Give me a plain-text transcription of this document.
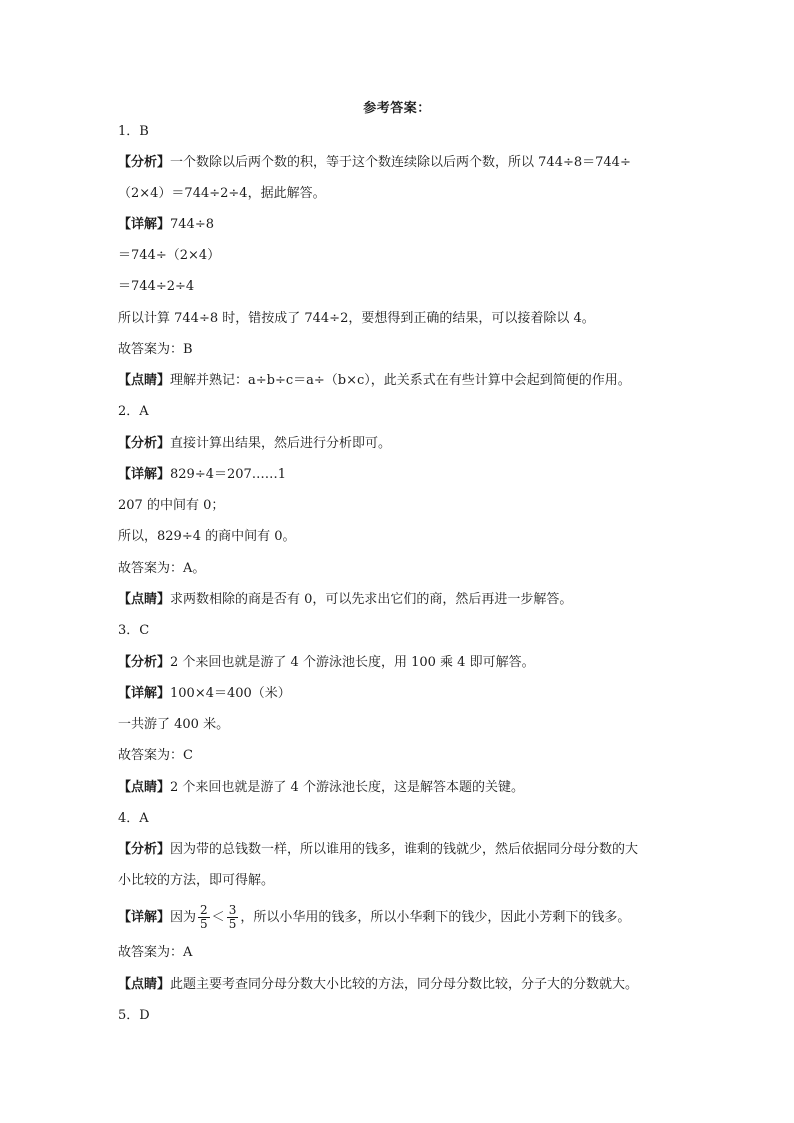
参考答案：
1．B
【分析】一个数除以后两个数的积，等于这个数连续除以后两个数，所以 744÷8＝744÷
（2×4）＝744÷2÷4，据此解答。
【详解】744÷8
＝744÷（2×4）
＝744÷2÷4
所以计算 744÷8 时，错按成了 744÷2，要想得到正确的结果，可以接着除以 4。
故答案为：B
【点睛】理解并熟记：a÷b÷c＝a÷（b×c），此关系式在有些计算中会起到简便的作用。
2．A
【分析】直接计算出结果，然后进行分析即可。
【详解】829÷4＝207……1
207 的中间有 0；
所以，829÷4 的商中间有 0。
故答案为：A。
【点睛】求两数相除的商是否有 0，可以先求出它们的商，然后再进一步解答。
3．C
【分析】2 个来回也就是游了 4 个游泳池长度，用 100 乘 4 即可解答。
【详解】100×4＝400（米）
一共游了 400 米。
故答案为：C
【点睛】2 个来回也就是游了 4 个游泳池长度，这是解答本题的关键。
4．A
【分析】因为带的总钱数一样，所以谁用的钱多，谁剩的钱就少，然后依据同分母分数的大
小比较的方法，即可得解。
【详解】因为 $\frac{2}{5} < \frac{3}{5}$ ，所以小华用的钱多，所以小华剩下的钱少，因此小芳剩下的钱多。
故答案为：A
【点睛】此题主要考查同分母分数大小比较的方法，同分母分数比较，分子大的分数就大。
5．D
